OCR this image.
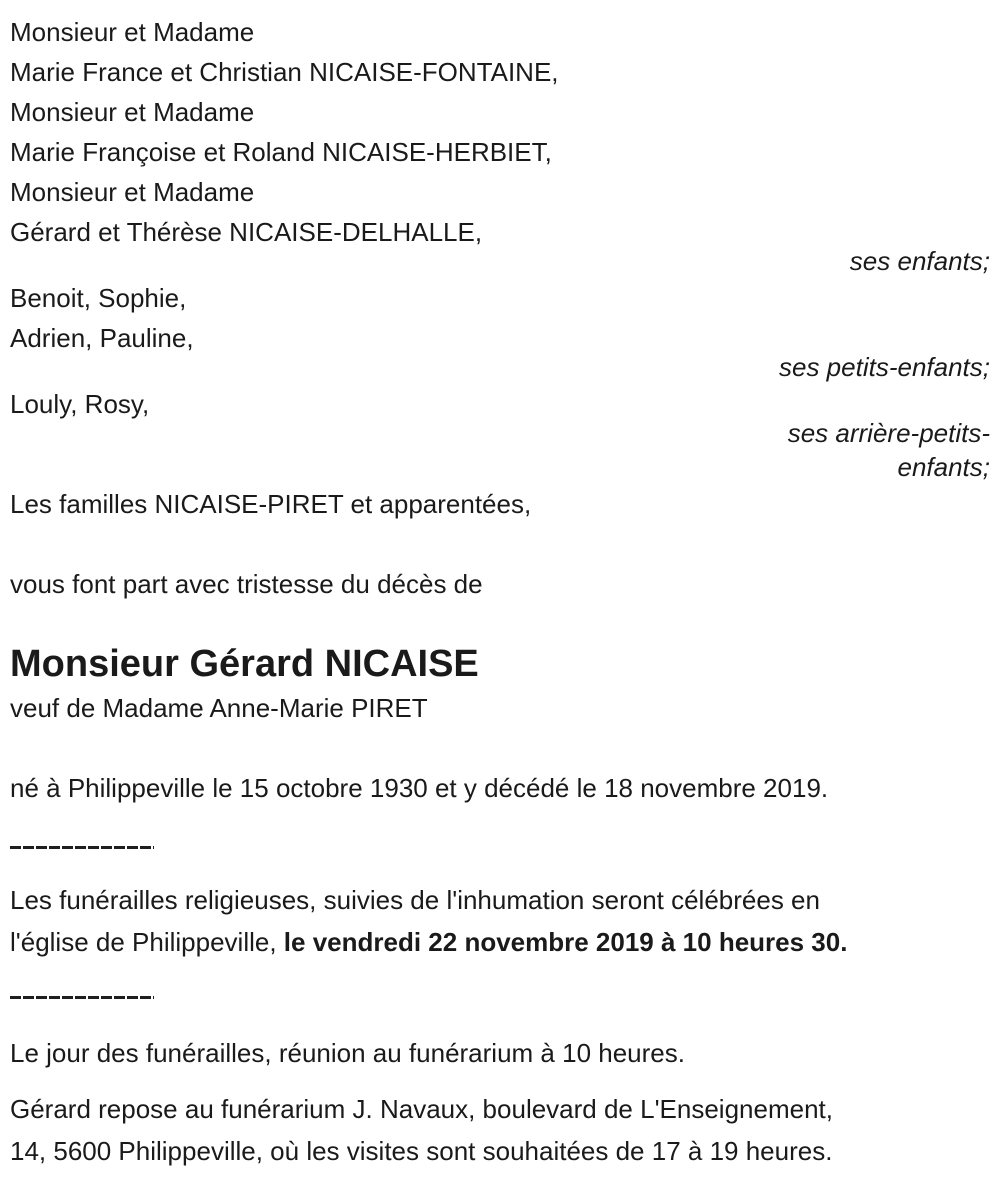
Monsieur et Madame
Marie France et Christian NICAISE-FONTAINE,
Monsieur et Madame
Marie Françoise et Roland NICAISE-HERBIET,
Monsieur et Madame
Gérard et Thérèse NICAISE-DELHALLE,
ses enfants;
Benoit, Sophie,
Adrien, Pauline,
ses petits-enfants;
Louly, Rosy,
ses arrière-petits-
enfants;
Les familles NICAISE-PIRET et apparentées,
vous font part avec tristesse du décès de
Monsieur Gérard NICAISE
veuf de Madame Anne-Marie PIRET
né à Philippeville le 15 octobre 1930 et y décédé le 18 novembre 2019.
Les funérailles religieuses, suivies de l'inhumation seront célébrées en
l'église de Philippeville, le vendredi 22 novembre 2019 à 10 heures 30.
Le jour des funérailles, réunion au funérarium à 10 heures.
Gérard repose au funérarium J. Navaux, boulevard de L'Enseignement,
14, 5600 Philippeville, où les visites sont souhaitées de 17 à 19 heures.
